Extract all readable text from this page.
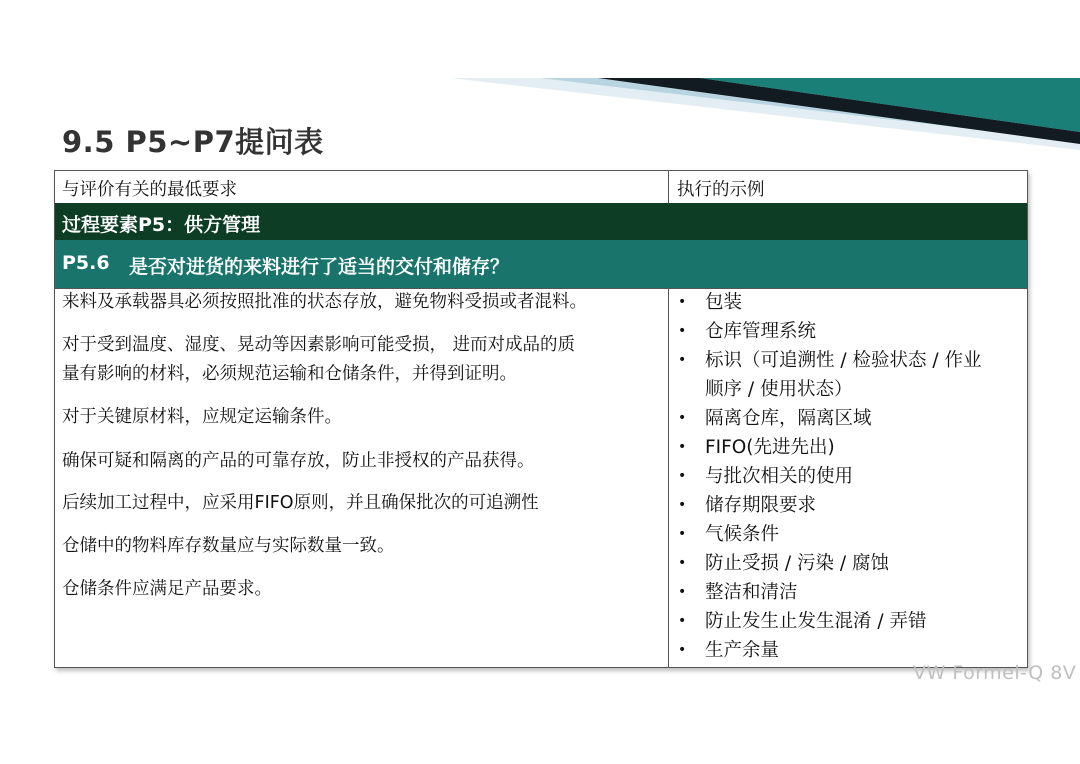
9.5 P5~P7提问表
与评价有关的最低要求	执行的示例
过程要素P5：供方管理
P5.6 是否对进货的来料进行了适当的交付和储存？
来料及承载器具必须按照批准的状态存放，避免物料受损或者混料。
对于受到温度、湿度、晃动等因素影响可能受损， 进而对成品的质
量有影响的材料，必须规范运输和仓储条件，并得到证明。
对于关键原材料，应规定运输条件。
确保可疑和隔离的产品的可靠存放，防止非授权的产品获得。
后续加工过程中，应采用FIFO原则，并且确保批次的可追溯性
仓储中的物料库存数量应与实际数量一致。
仓储条件应满足产品要求。
• 包装
• 仓库管理系统
• 标识（可追溯性 / 检验状态 / 作业
顺序 / 使用状态）
• 隔离仓库，隔离区域
• FIFO(先进先出)
• 与批次相关的使用
• 储存期限要求
• 气候条件
• 防止受损 / 污染 / 腐蚀
• 整洁和清洁
• 防止发生止发生混淆 / 弄错
• 生产余量
VW Formel-Q 8V
